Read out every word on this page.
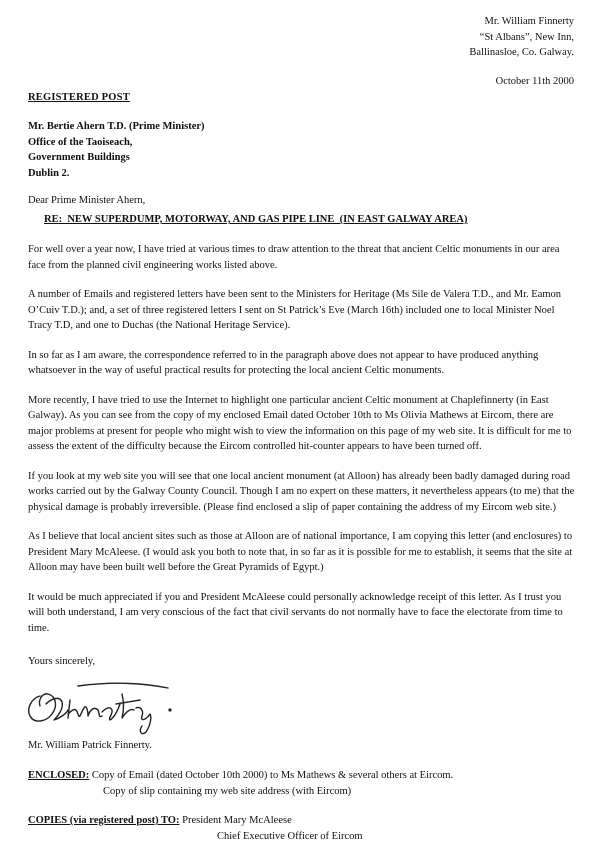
Mr. William Finnerty
“St Albans”, New Inn,
Ballinasloe, Co. Galway.
October 11th 2000
REGISTERED POST
Mr. Bertie Ahern T.D. (Prime Minister)
Office of the Taoiseach,
Government Buildings
Dublin 2.
Dear Prime Minister Ahern,
RE:  NEW SUPERDUMP, MOTORWAY, AND GAS PIPE LINE  (IN EAST GALWAY AREA)

For well over a year now, I have tried at various times to draw attention to the threat that ancient Celtic monuments in our area face from the planned civil engineering works listed above.

A number of Emails and registered letters have been sent to the Ministers for Heritage (Ms Sile de Valera T.D., and Mr. Eamon O’Cuiv T.D.); and, a set of three registered letters I sent on St Patrick’s Eve (March 16th) included one to local Minister Noel Tracy T.D, and one to Duchas (the National Heritage Service).

In so far as I am aware, the correspondence referred to in the paragraph above does not appear to have produced anything whatsoever in the way of useful practical results for protecting the local ancient Celtic monuments.

More recently, I have tried to use the Internet to highlight one particular ancient Celtic monument at Chaplefinnerty (in East Galway). As you can see from the copy of my enclosed Email dated October 10th to Ms Olivia Mathews at Eircom, there are major problems at present for people who might wish to view the information on this page of my web site. It is difficult for me to assess the extent of the difficulty because the Eircom controlled hit-counter appears to have been turned off.

If you look at my web site you will see that one local ancient monument (at Alloon) has already been badly damaged during road works carried out by the Galway County Council. Though I am no expert on these matters, it nevertheless appears (to me) that the physical damage is probably irreversible. (Please find enclosed a slip of paper containing the address of my Eircom web site.)

As I believe that local ancient sites such as those at Alloon are of national importance, I am copying this letter (and enclosures) to President Mary McAleese. (I would ask you both to note that, in so far as it is possible for me to establish, it seems that the site at Alloon may have been built well before the Great Pyramids of Egypt.)

It would be much appreciated if you and President McAleese could personally acknowledge receipt of this letter. As I trust you will both understand, I am very conscious of the fact that civil servants do not normally have to face the electorate from time to time.

Yours sincerely,
Mr. William Patrick Finnerty.
ENCLOSED: Copy of Email (dated October 10th 2000) to Ms Mathews & several others at Eircom.
Copy of slip containing my web site address (with Eircom)
COPIES (via registered post) TO: President Mary McAleese
Chief Executive Officer of Eircom
